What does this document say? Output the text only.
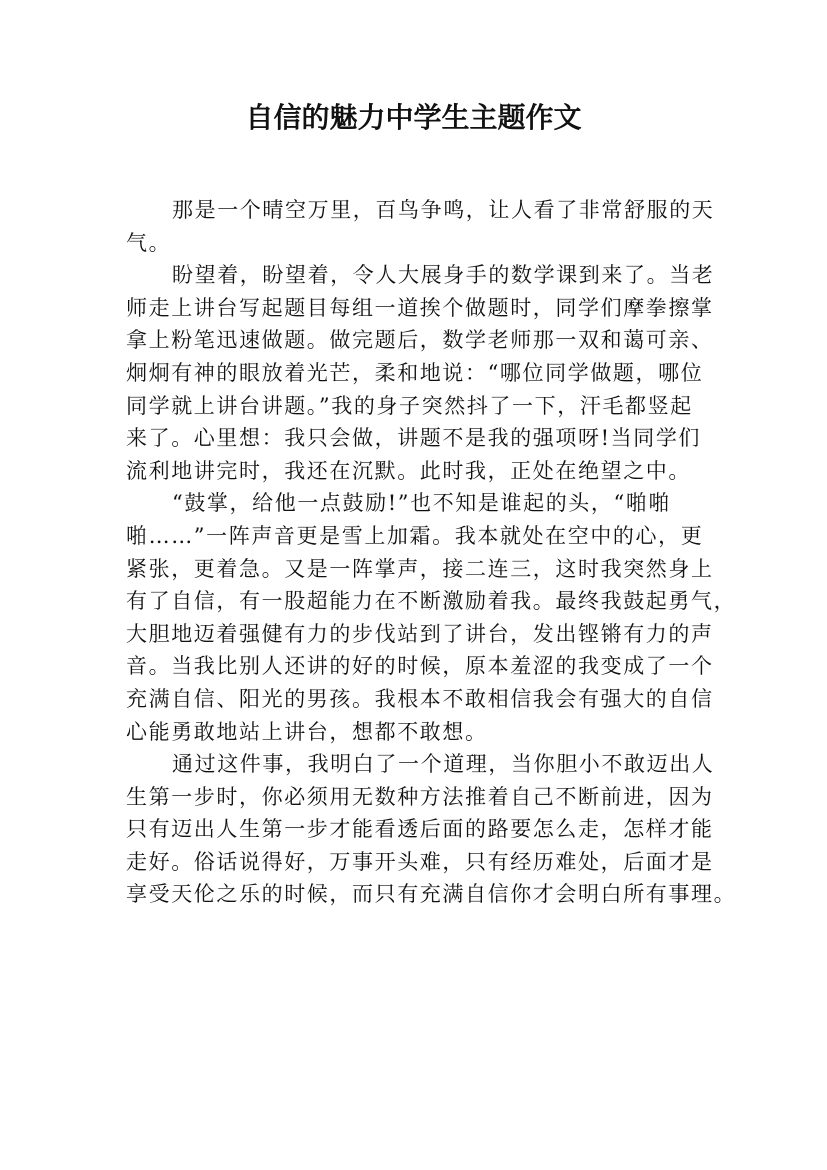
自信的魅力中学生主题作文
那是一个晴空万里，百鸟争鸣，让人看了非常舒服的天
气。
盼望着，盼望着，令人大展身手的数学课到来了。当老
师走上讲台写起题目每组一道挨个做题时，同学们摩拳擦掌
拿上粉笔迅速做题。做完题后，数学老师那一双和蔼可亲、
炯炯有神的眼放着光芒，柔和地说：“哪位同学做题，哪位
同学就上讲台讲题。”我的身子突然抖了一下，汗毛都竖起
来了。心里想：我只会做，讲题不是我的强项呀!当同学们
流利地讲完时，我还在沉默。此时我，正处在绝望之中。
“鼓掌，给他一点鼓励!”也不知是谁起的头，“啪啪
啪……”一阵声音更是雪上加霜。我本就处在空中的心，更
紧张，更着急。又是一阵掌声，接二连三，这时我突然身上
有了自信，有一股超能力在不断激励着我。最终我鼓起勇气，
大胆地迈着强健有力的步伐站到了讲台，发出铿锵有力的声
音。当我比别人还讲的好的时候，原本羞涩的我变成了一个
充满自信、阳光的男孩。我根本不敢相信我会有强大的自信
心能勇敢地站上讲台，想都不敢想。
通过这件事，我明白了一个道理，当你胆小不敢迈出人
生第一步时，你必须用无数种方法推着自己不断前进，因为
只有迈出人生第一步才能看透后面的路要怎么走，怎样才能
走好。俗话说得好，万事开头难，只有经历难处，后面才是
享受天伦之乐的时候，而只有充满自信你才会明白所有事理。
